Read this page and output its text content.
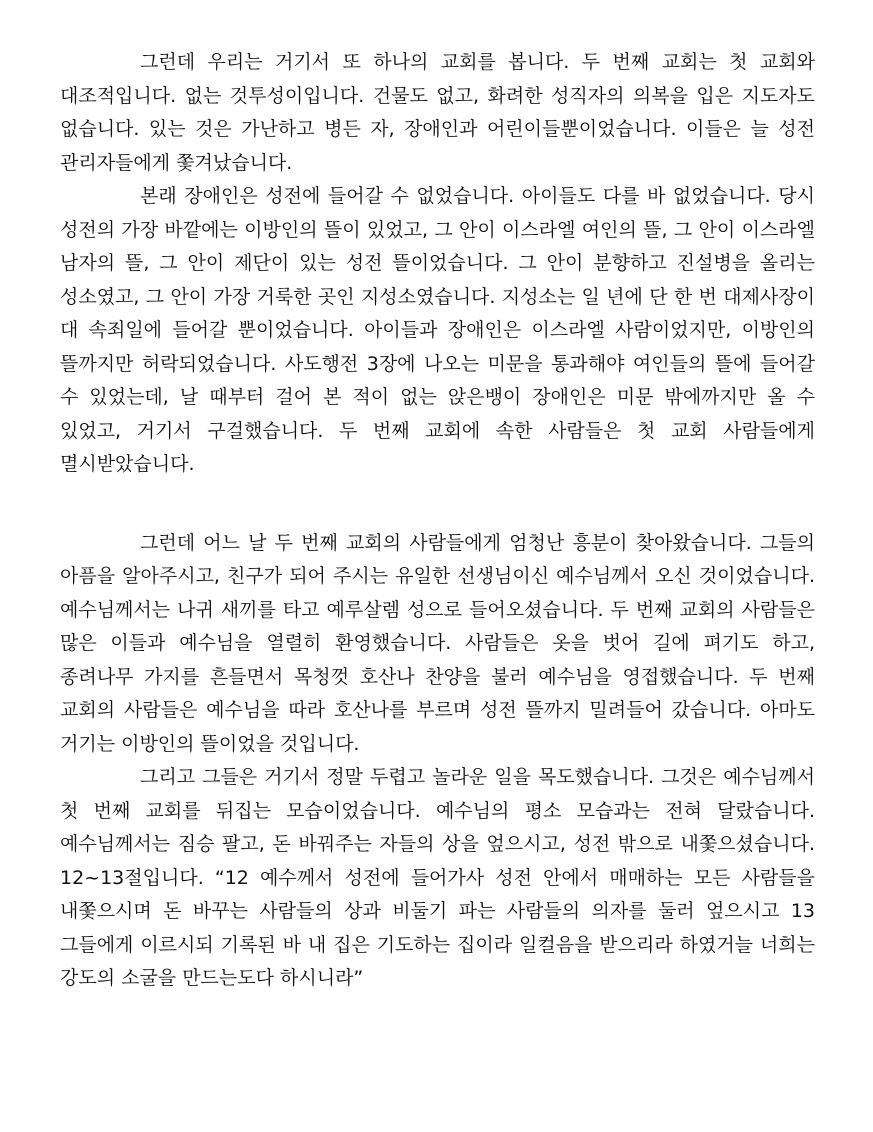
그런데 우리는 거기서 또 하나의 교회를 봅니다. 두 번째 교회는 첫 교회와 대조적입니다. 없는 것투성이입니다. 건물도 없고, 화려한 성직자의 의복을 입은 지도자도 없습니다. 있는 것은 가난하고 병든 자, 장애인과 어린이들뿐이었습니다. 이들은 늘 성전 관리자들에게 쫓겨났습니다.

본래 장애인은 성전에 들어갈 수 없었습니다. 아이들도 다를 바 없었습니다. 당시 성전의 가장 바깥에는 이방인의 뜰이 있었고, 그 안이 이스라엘 여인의 뜰, 그 안이 이스라엘 남자의 뜰, 그 안이 제단이 있는 성전 뜰이었습니다. 그 안이 분향하고 진설병을 올리는 성소였고, 그 안이 가장 거룩한 곳인 지성소였습니다. 지성소는 일 년에 단 한 번 대제사장이 대 속죄일에 들어갈 뿐이었습니다. 아이들과 장애인은 이스라엘 사람이었지만, 이방인의 뜰까지만 허락되었습니다. 사도행전 3장에 나오는 미문을 통과해야 여인들의 뜰에 들어갈 수 있었는데, 날 때부터 걸어 본 적이 없는 앉은뱅이 장애인은 미문 밖에까지만 올 수 있었고, 거기서 구걸했습니다. 두 번째 교회에 속한 사람들은 첫 교회 사람들에게 멸시받았습니다.

그런데 어느 날 두 번째 교회의 사람들에게 엄청난 흥분이 찾아왔습니다. 그들의 아픔을 알아주시고, 친구가 되어 주시는 유일한 선생님이신 예수님께서 오신 것이었습니다. 예수님께서는 나귀 새끼를 타고 예루살렘 성으로 들어오셨습니다. 두 번째 교회의 사람들은 많은 이들과 예수님을 열렬히 환영했습니다. 사람들은 옷을 벗어 길에 펴기도 하고, 종려나무 가지를 흔들면서 목청껏 호산나 찬양을 불러 예수님을 영접했습니다. 두 번째 교회의 사람들은 예수님을 따라 호산나를 부르며 성전 뜰까지 밀려들어 갔습니다. 아마도 거기는 이방인의 뜰이었을 것입니다.

그리고 그들은 거기서 정말 두렵고 놀라운 일을 목도했습니다. 그것은 예수님께서 첫 번째 교회를 뒤집는 모습이었습니다. 예수님의 평소 모습과는 전혀 달랐습니다. 예수님께서는 짐승 팔고, 돈 바꿔주는 자들의 상을 엎으시고, 성전 밖으로 내쫓으셨습니다. 12~13절입니다. “12 예수께서 성전에 들어가사 성전 안에서 매매하는 모든 사람들을 내쫓으시며 돈 바꾸는 사람들의 상과 비둘기 파는 사람들의 의자를 둘러 엎으시고 13 그들에게 이르시되 기록된 바 내 집은 기도하는 집이라 일컬음을 받으리라 하였거늘 너희는 강도의 소굴을 만드는도다 하시니라”
